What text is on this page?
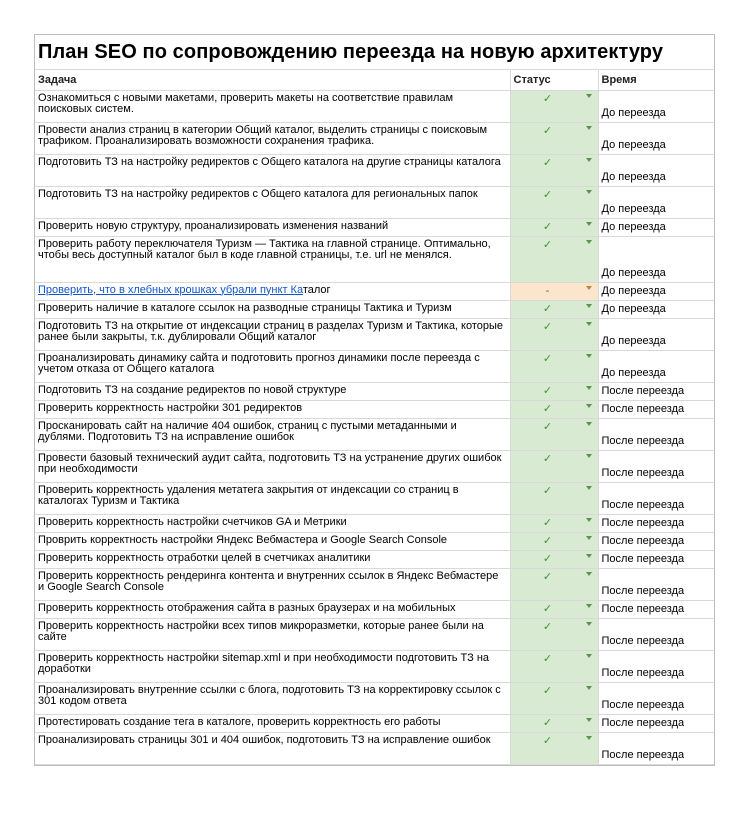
План SEO по сопровождению переезда на новую архитектуру
Задача	Статус	Время
Ознакомиться с новыми макетами, проверить макеты на соответствие правилам поисковых систем.	✓	До переезда
Провести анализ страниц в категории Общий каталог, выделить страницы с поисковым трафиком. Проанализировать возможности сохранения трафика.	✓	До переезда
Подготовить ТЗ на настройку редиректов с Общего каталога на другие страницы каталога	✓	До переезда
Подготовить ТЗ на настройку редиректов с Общего каталога для региональных папок	✓	До переезда
Проверить новую структуру, проанализировать изменения названий	✓	До переезда
Проверить работу переключателя Туризм — Тактика на главной странице. Оптимально, чтобы весь доступный каталог был в коде главной страницы, т.е. url не менялся.	✓	До переезда
Проверить, что в хлебных крошках убрали пункт Каталог	-	До переезда
Проверить наличие в каталоге ссылок на разводные страницы Тактика и Туризм	✓	До переезда
Подготовить ТЗ на открытие от индексации страниц в разделах Туризм и Тактика, которые ранее были закрыты, т.к. дублировали Общий каталог	✓	До переезда
Проанализировать динамику сайта и подготовить прогноз динамики после переезда с учетом отказа от Общего каталога	✓	До переезда
Подготовить ТЗ на создание редиректов по новой структуре	✓	После переезда
Проверить корректность настройки 301 редиректов	✓	После переезда
Просканировать сайт на наличие 404 ошибок, страниц с пустыми метаданными и дублями. Подготовить ТЗ на исправление ошибок	✓	После переезда
Провести базовый технический аудит сайта, подготовить ТЗ на устранение других ошибок при необходимости	✓	После переезда
Проверить корректность удаления метатега закрытия от индексации со страниц в каталогах Туризм и Тактика	✓	После переезда
Проверить корректность настройки счетчиков GA и Метрики	✓	После переезда
Проврить корректность настройки Яндекс Вебмастера и Google Search Console	✓	После переезда
Проверить корректность отработки целей в счетчиках аналитики	✓	После переезда
Проверить корректность рендеринга контента и внутренних ссылок в Яндекс Вебмастере и Google Search Console	✓	После переезда
Проверить корректность отображения сайта в разных браузерах и на мобильных	✓	После переезда
Проверить корректность настройки всех типов микроразметки, которые ранее были на сайте	✓	После переезда
Проверить корректность настройки sitemap.xml и при необходимости подготовить ТЗ на доработки	✓	После переезда
Проанализировать внутренние ссылки с блога, подготовить ТЗ на корректировку ссылок с 301 кодом ответа	✓	После переезда
Протестировать создание тега в каталоге, проверить корректность его работы	✓	После переезда
Проанализировать страницы 301 и 404 ошибок, подготовить ТЗ на исправление ошибок	✓	После переезда
